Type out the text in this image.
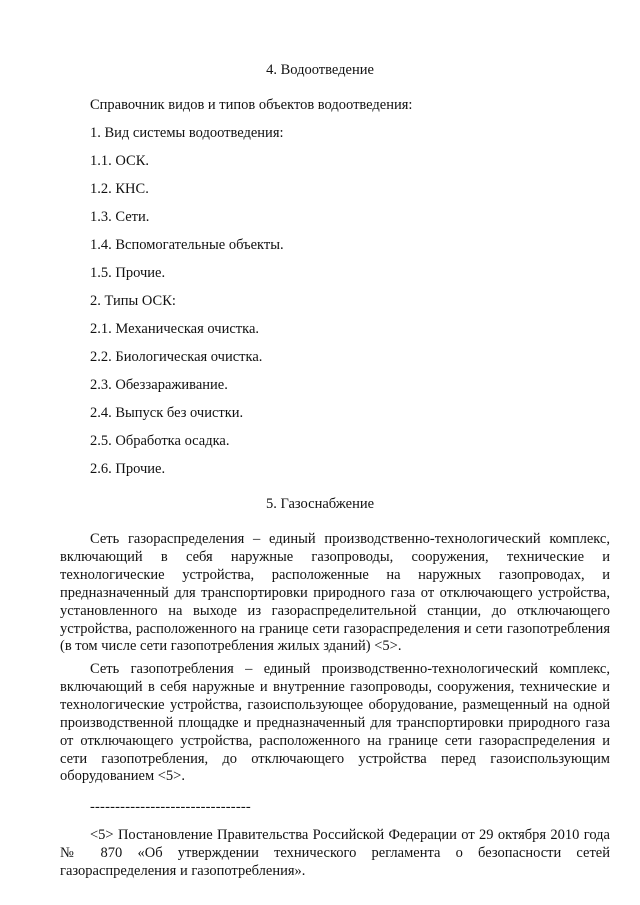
4. Водоотведение
Справочник видов и типов объектов водоотведения:
1. Вид системы водоотведения:
1.1. ОСК.
1.2. КНС.
1.3. Сети.
1.4. Вспомогательные объекты.
1.5. Прочие.
2. Типы ОСК:
2.1. Механическая очистка.
2.2. Биологическая очистка.
2.3. Обеззараживание.
2.4. Выпуск без очистки.
2.5. Обработка осадка.
2.6. Прочие.
5. Газоснабжение
Сеть газораспределения – единый производственно-технологический комплекс, включающий в себя наружные газопроводы, сооружения, технические и технологические устройства, расположенные на наружных газопроводах, и предназначенный для транспортировки природного газа от отключающего устройства, установленного на выходе из газораспределительной станции, до отключающего устройства, расположенного на границе сети газораспределения и сети газопотребления (в том числе сети газопотребления жилых зданий) <5>.
Сеть газопотребления – единый производственно-технологический комплекс, включающий в себя наружные и внутренние газопроводы, сооружения, технические и технологические устройства, газоиспользующее оборудование, размещенный на одной производственной площадке и предназначенный для транспортировки природного газа от отключающего устройства, расположенного на границе сети газораспределения и сети газопотребления, до отключающего устройства перед газоиспользующим оборудованием <5>.
--------------------------------
<5> Постановление Правительства Российской Федерации от 29 октября 2010 года № 870 «Об утверждении технического регламента о безопасности сетей газораспределения и газопотребления».
